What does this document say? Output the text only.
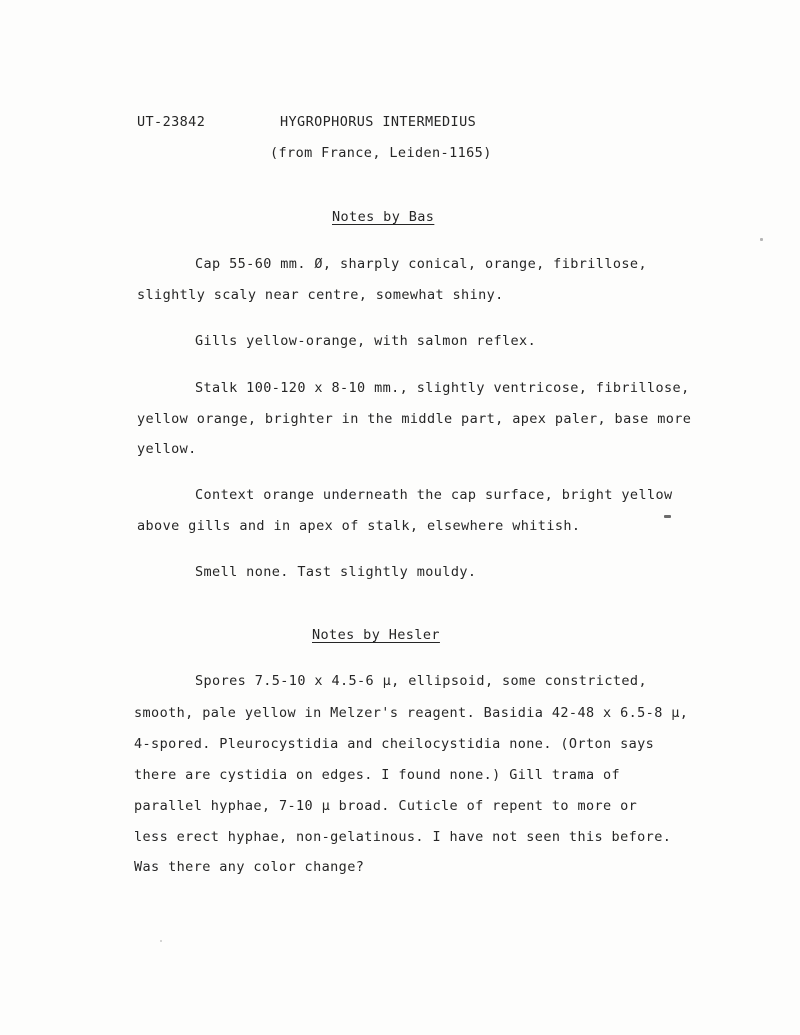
UT-23842	HYGROPHORUS INTERMEDIUS
(from France, Leiden-1165)
Notes by Bas
Cap 55-60 mm. Ø, sharply conical, orange, fibrillose,
slightly scaly near centre, somewhat shiny.
Gills yellow-orange, with salmon reflex.
Stalk 100-120 x 8-10 mm., slightly ventricose, fibrillose,
yellow orange, brighter in the middle part, apex paler, base more
yellow.
Context orange underneath the cap surface, bright yellow
above gills and in apex of stalk, elsewhere whitish.
Smell none. Tast slightly mouldy.
Notes by Hesler
Spores 7.5-10 x 4.5-6 µ, ellipsoid, some constricted,
smooth, pale yellow in Melzer's reagent. Basidia 42-48 x 6.5-8 µ,
4-spored. Pleurocystidia and cheilocystidia none. (Orton says
there are cystidia on edges. I found none.) Gill trama of
parallel hyphae, 7-10 µ broad. Cuticle of repent to more or
less erect hyphae, non-gelatinous. I have not seen this before.
Was there any color change?
